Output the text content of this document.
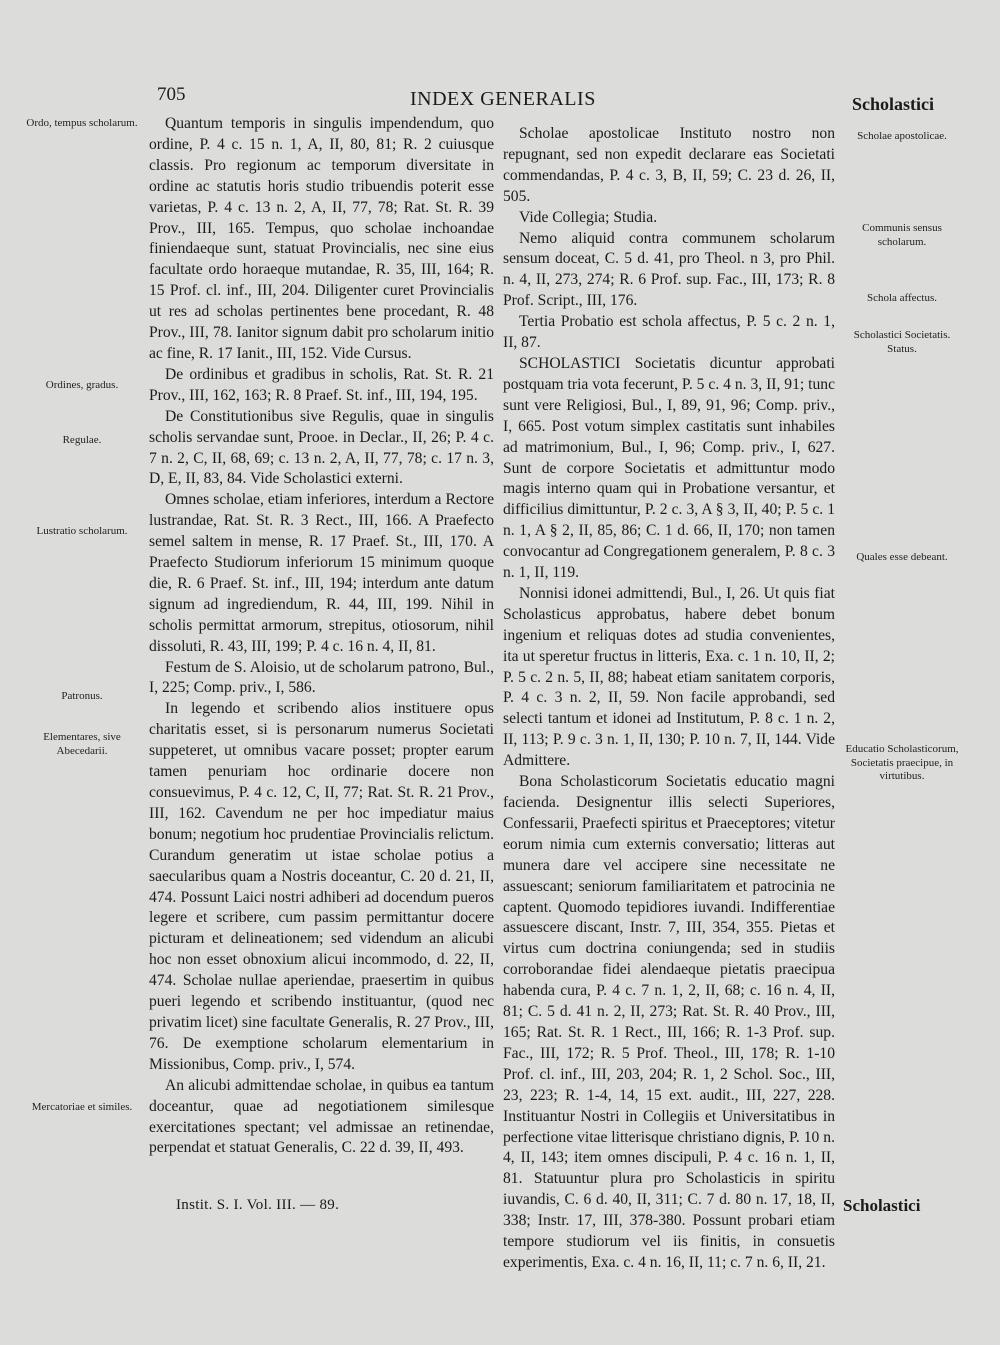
705	INDEX GENERALIS	Scholastici
Ordo, tempus scholarum.
Ordines, gradus.
Regulae.
Lustratio scholarum.
Patronus.
Elementares, sive Abecedarii.
Mercatoriae et similes.

Quantum temporis in singulis impendendum, quo ordine, P. 4 c. 15 n. 1, A, II, 80, 81; R. 2 cuiusque classis. Pro regionum ac temporum diversitate in ordine ac statutis horis studio tribuendis poterit esse varietas, P. 4 c. 13 n. 2, A, II, 77, 78; Rat. St. R. 39 Prov., III, 165. Tempus, quo scholae inchoandae finiendaeque sunt, statuat Provincialis, nec sine eius facultate ordo horaeque mutandae, R. 35, III, 164; R. 15 Prof. cl. inf., III, 204. Diligenter curet Provincialis ut res ad scholas pertinentes bene procedant, R. 48 Prov., III, 78. Ianitor signum dabit pro scholarum initio ac fine, R. 17 Ianit., III, 152. Vide Cursus.

De ordinibus et gradibus in scholis, Rat. St. R. 21 Prov., III, 162, 163; R. 8 Praef. St. inf., III, 194, 195.

De Constitutionibus sive Regulis, quae in singulis scholis servandae sunt, Prooe. in Declar., II, 26; P. 4 c. 7 n. 2, C, II, 68, 69; c. 13 n. 2, A, II, 77, 78; c. 17 n. 3, D, E, II, 83, 84. Vide Scholastici externi.

Omnes scholae, etiam inferiores, interdum a Rectore lustrandae, Rat. St. R. 3 Rect., III, 166. A Praefecto semel saltem in mense, R. 17 Praef. St., III, 170. A Praefecto Studiorum inferiorum 15 minimum quoque die, R. 6 Praef. St. inf., III, 194; interdum ante datum signum ad ingrediendum, R. 44, III, 199. Nihil in scholis permittat armorum, strepitus, otiosorum, nihil dissoluti, R. 43, III, 199; P. 4 c. 16 n. 4, II, 81.

Festum de S. Aloisio, ut de scholarum patrono, Bul., I, 225; Comp. priv., I, 586.

In legendo et scribendo alios instituere opus charitatis esset, si is personarum numerus Societati suppeteret, ut omnibus vacare posset; propter earum tamen penuriam hoc ordinarie docere non consuevimus, P. 4 c. 12, C, II, 77; Rat. St. R. 21 Prov., III, 162. Cavendum ne per hoc impediatur maius bonum; negotium hoc prudentiae Provincialis relictum. Curandum generatim ut istae scholae potius a saecularibus quam a Nostris doceantur, C. 20 d. 21, II, 474. Possunt Laici nostri adhiberi ad docendum pueros legere et scribere, cum passim permittantur docere picturam et delineationem; sed videndum an alicubi hoc non esset obnoxium alicui incommodo, d. 22, II, 474. Scholae nullae aperiendae, praesertim in quibus pueri legendo et scribendo instituantur, (quod nec privatim licet) sine facultate Generalis, R. 27 Prov., III, 76. De exemptione scholarum elementarium in Missionibus, Comp. priv., I, 574.

An alicubi admittendae scholae, in quibus ea tantum doceantur, quae ad negotiationem similesque exercitationes spectant; vel admissae an retinendae, perpendat et statuat Generalis, C. 22 d. 39, II, 493.

Scholae apostolicae Instituto nostro non repugnant, sed non expedit declarare eas Societati commendandas, P. 4 c. 3, B, II, 59; C. 23 d. 26, II, 505.

Vide Collegia; Studia.

Nemo aliquid contra communem scholarum sensum doceat, C. 5 d. 41, pro Theol. n 3, pro Phil. n. 4, II, 273, 274; R. 6 Prof. sup. Fac., III, 173; R. 8 Prof. Script., III, 176.

Tertia Probatio est schola affectus, P. 5 c. 2 n. 1, II, 87.

SCHOLASTICI Societatis dicuntur approbati postquam tria vota fecerunt, P. 5 c. 4 n. 3, II, 91; tunc sunt vere Religiosi, Bul., I, 89, 91, 96; Comp. priv., I, 665. Post votum simplex castitatis sunt inhabiles ad matrimonium, Bul., I, 96; Comp. priv., I, 627. Sunt de corpore Societatis et admittuntur modo magis interno quam qui in Probatione versantur, et difficilius dimittuntur, P. 2 c. 3, A § 3, II, 40; P. 5 c. 1 n. 1, A § 2, II, 85, 86; C. 1 d. 66, II, 170; non tamen convocantur ad Congregationem generalem, P. 8 c. 3 n. 1, II, 119.

Nonnisi idonei admittendi, Bul., I, 26. Ut quis fiat Scholasticus approbatus, habere debet bonum ingenium et reliquas dotes ad studia convenientes, ita ut speretur fructus in litteris, Exa. c. 1 n. 10, II, 2; P. 5 c. 2 n. 5, II, 88; habeat etiam sanitatem corporis, P. 4 c. 3 n. 2, II, 59. Non facile approbandi, sed selecti tantum et idonei ad Institutum, P. 8 c. 1 n. 2, II, 113; P. 9 c. 3 n. 1, II, 130; P. 10 n. 7, II, 144. Vide Admittere.

Bona Scholasticorum Societatis educatio magni facienda. Designentur illis selecti Superiores, Confessarii, Praefecti spiritus et Praeceptores; vitetur eorum nimia cum externis conversatio; litteras aut munera dare vel accipere sine necessitate ne assuescant; seniorum familiaritatem et patrocinia ne captent. Quomodo tepidiores iuvandi. Indifferentiae assuescere discant, Instr. 7, III, 354, 355. Pietas et virtus cum doctrina coniungenda; sed in studiis corroborandae fidei alendaeque pietatis praecipua habenda cura, P. 4 c. 7 n. 1, 2, II, 68; c. 16 n. 4, II, 81; C. 5 d. 41 n. 2, II, 273; Rat. St. R. 40 Prov., III, 165; Rat. St. R. 1 Rect., III, 166; R. 1-3 Prof. sup. Fac., III, 172; R. 5 Prof. Theol., III, 178; R. 1-10 Prof. cl. inf., III, 203, 204; R. 1, 2 Schol. Soc., III, 23, 223; R. 1-4, 14, 15 ext. audit., III, 227, 228. Instituantur Nostri in Collegiis et Universitatibus in perfectione vitae litterisque christiano dignis, P. 10 n. 4, II, 143; item omnes discipuli, P. 4 c. 16 n. 1, II, 81. Statuuntur plura pro Scholasticis in spiritu iuvandis, C. 6 d. 40, II, 311; C. 7 d. 80 n. 17, 18, II, 338; Instr. 17, III, 378-380. Possunt probari etiam tempore studiorum vel iis finitis, in consuetis experimentis, Exa. c. 4 n. 16, II, 11; c. 7 n. 6, II, 21.

Scholae apostolicae.
Communis sensus scholarum.
Schola affectus.
Scholastici Societatis. Status.
Quales esse debeant.
Educatio Scholasticorum, Societatis praecipue, in virtutibus.
Instit. S. I. Vol. III. — 89.	Scholastici
